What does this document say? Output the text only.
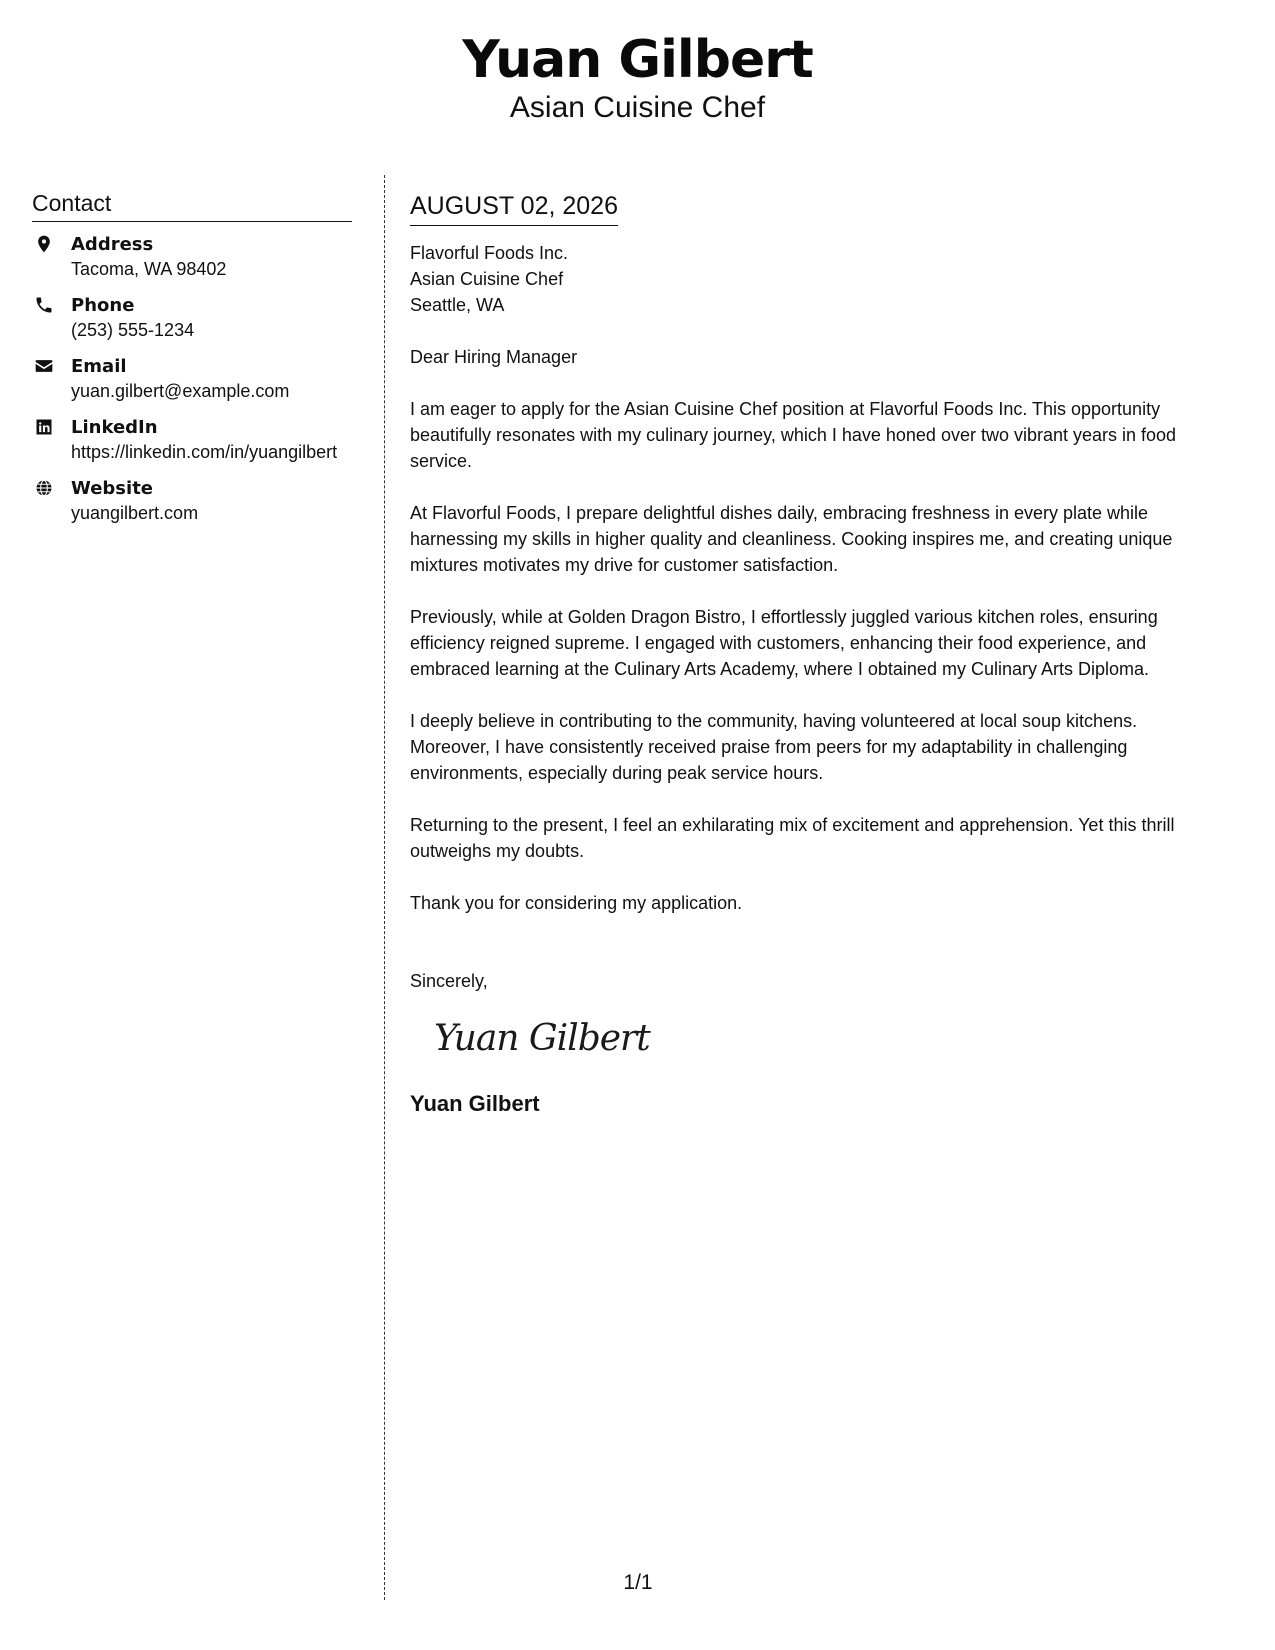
Yuan Gilbert
Asian Cuisine Chef
Contact
Address
Tacoma, WA 98402
Phone
(253) 555-1234
Email
yuan.gilbert@example.com
LinkedIn
https://linkedin.com/in/yuangilbert
Website
yuangilbert.com
AUGUST 02, 2026
Flavorful Foods Inc.
Asian Cuisine Chef
Seattle, WA
Dear Hiring Manager
I am eager to apply for the Asian Cuisine Chef position at Flavorful Foods Inc. This opportunity beautifully resonates with my culinary journey, which I have honed over two vibrant years in food service.
At Flavorful Foods, I prepare delightful dishes daily, embracing freshness in every plate while harnessing my skills in higher quality and cleanliness. Cooking inspires me, and creating unique mixtures motivates my drive for customer satisfaction.
Previously, while at Golden Dragon Bistro, I effortlessly juggled various kitchen roles, ensuring efficiency reigned supreme. I engaged with customers, enhancing their food experience, and embraced learning at the Culinary Arts Academy, where I obtained my Culinary Arts Diploma.
I deeply believe in contributing to the community, having volunteered at local soup kitchens. Moreover, I have consistently received praise from peers for my adaptability in challenging environments, especially during peak service hours.
Returning to the present, I feel an exhilarating mix of excitement and apprehension. Yet this thrill outweighs my doubts.
Thank you for considering my application.
Sincerely,
Yuan Gilbert
Yuan Gilbert
1/1
